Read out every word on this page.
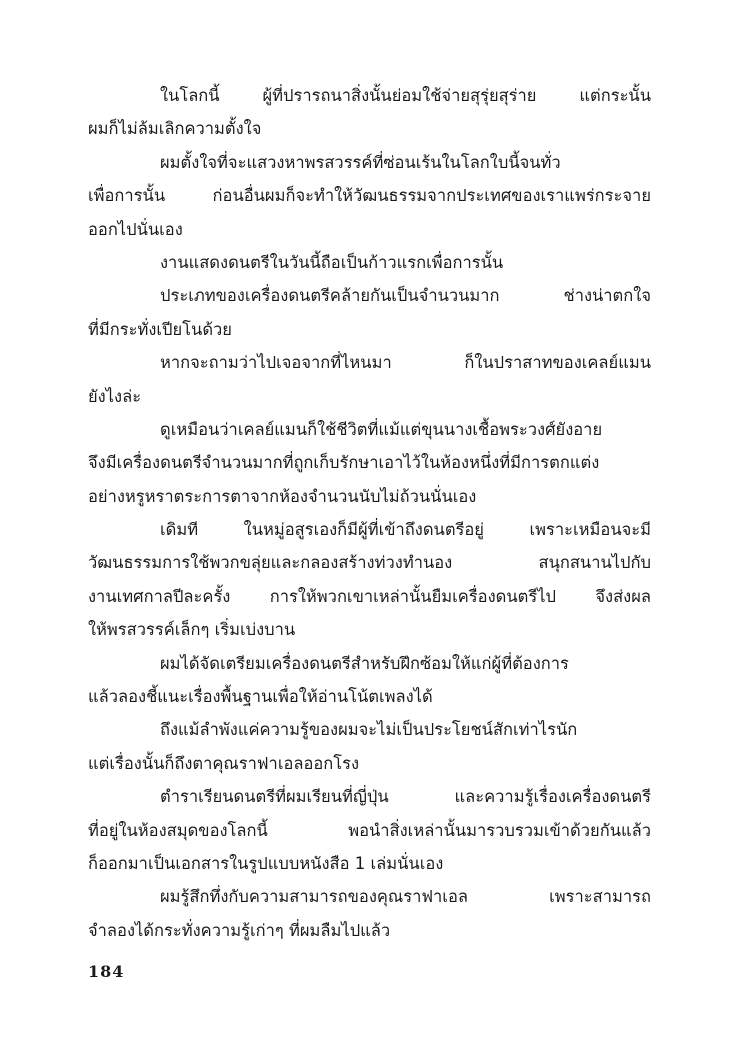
ในโลกนี้ ผู้ที่ปรารถนาสิ่งนั้นย่อมใช้จ่ายสุรุ่ยสุร่าย แต่กระนั้น
ผมก็ไม่ล้มเลิกความตั้งใจ
ผมตั้งใจที่จะแสวงหาพรสวรรค์ที่ซ่อนเร้นในโลกใบนี้จนทั่ว
เพื่อการนั้น ก่อนอื่นผมก็จะทำให้วัฒนธรรมจากประเทศของเราแพร่กระจาย
ออกไปนั่นเอง
งานแสดงดนตรีในวันนี้ถือเป็นก้าวแรกเพื่อการนั้น
ประเภทของเครื่องดนตรีคล้ายกันเป็นจำนวนมาก ช่างน่าตกใจ
ที่มีกระทั่งเปียโนด้วย
หากจะถามว่าไปเจอจากที่ไหนมา ก็ในปราสาทของเคลย์แมน
ยังไงล่ะ
ดูเหมือนว่าเคลย์แมนก็ใช้ชีวิตที่แม้แต่ขุนนางเชื้อพระวงศ์ยังอาย
จึงมีเครื่องดนตรีจำนวนมากที่ถูกเก็บรักษาเอาไว้ในห้องหนึ่งที่มีการตกแต่ง
อย่างหรูหราตระการตาจากห้องจำนวนนับไม่ถ้วนนั่นเอง
เดิมที ในหมู่อสูรเองก็มีผู้ที่เข้าถึงดนตรีอยู่ เพราะเหมือนจะมี
วัฒนธรรมการใช้พวกขลุ่ยและกลองสร้างท่วงทำนอง สนุกสนานไปกับ
งานเทศกาลปีละครั้ง การให้พวกเขาเหล่านั้นยืมเครื่องดนตรีไป จึงส่งผล
ให้พรสวรรค์เล็กๆ เริ่มเบ่งบาน
ผมได้จัดเตรียมเครื่องดนตรีสำหรับฝึกซ้อมให้แก่ผู้ที่ต้องการ
แล้วลองชี้แนะเรื่องพื้นฐานเพื่อให้อ่านโน้ตเพลงได้
ถึงแม้ลำพังแค่ความรู้ของผมจะไม่เป็นประโยชน์สักเท่าไรนัก
แต่เรื่องนั้นก็ถึงตาคุณราฟาเอลออกโรง
ตำราเรียนดนตรีที่ผมเรียนที่ญี่ปุ่น และความรู้เรื่องเครื่องดนตรี
ที่อยู่ในห้องสมุดของโลกนี้ พอนำสิ่งเหล่านั้นมารวบรวมเข้าด้วยกันแล้ว
ก็ออกมาเป็นเอกสารในรูปแบบหนังสือ 1 เล่มนั่นเอง
ผมรู้สึกทึ่งกับความสามารถของคุณราฟาเอล เพราะสามารถ
จำลองได้กระทั่งความรู้เก่าๆ ที่ผมลืมไปแล้ว
184
